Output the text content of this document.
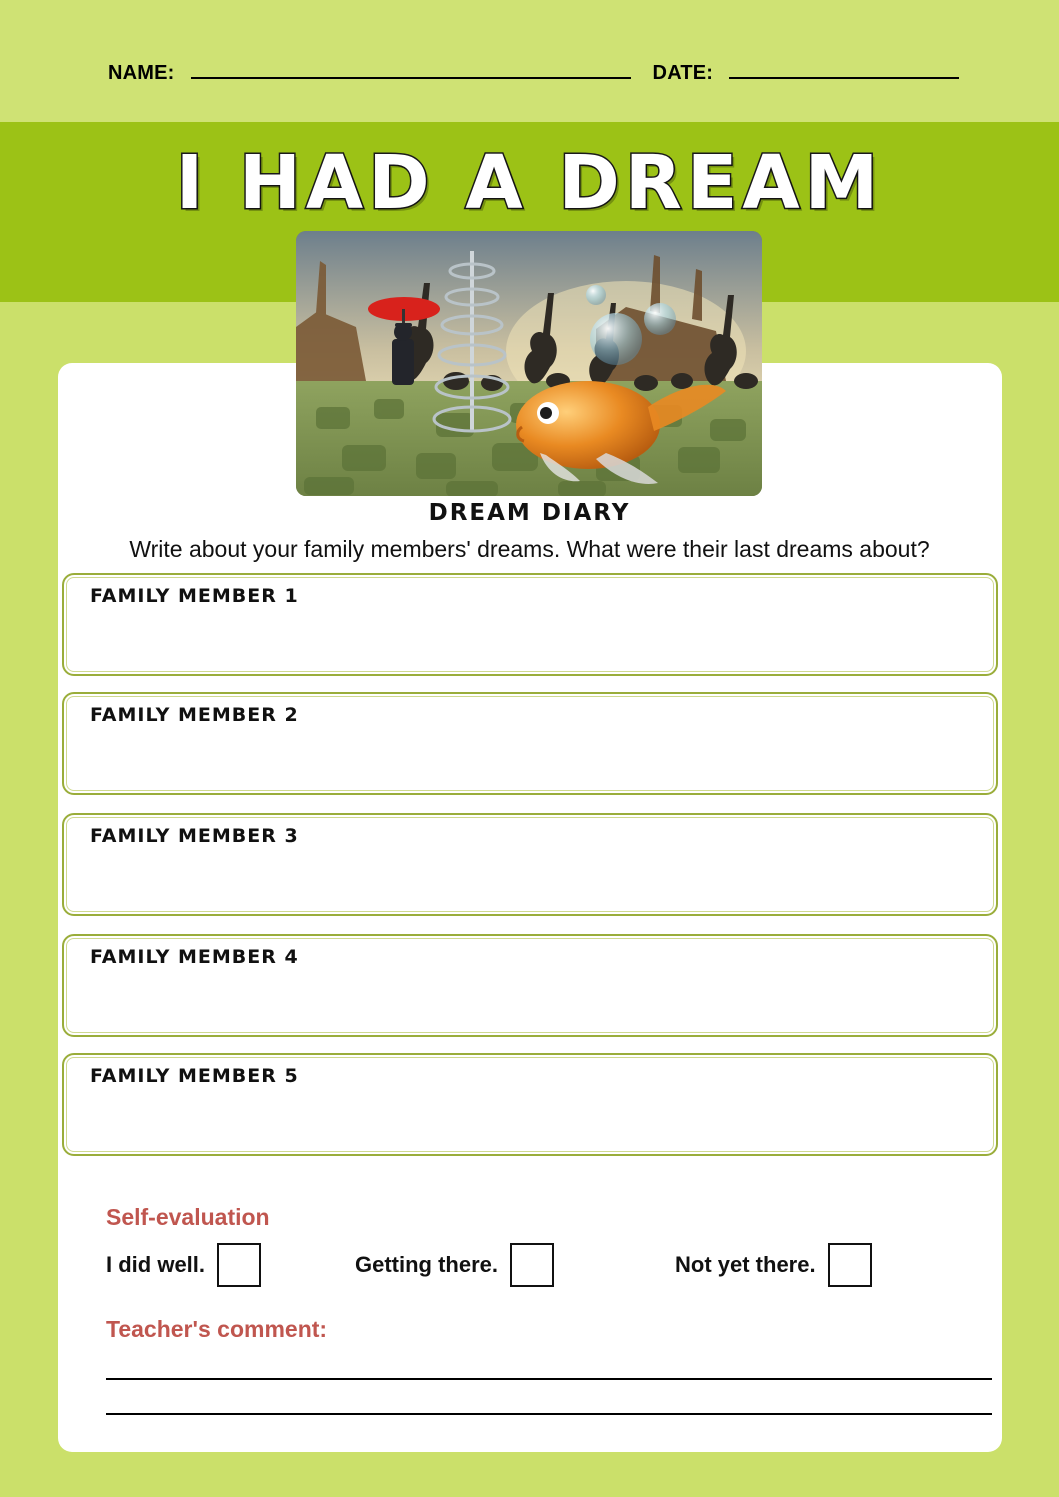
NAME:	DATE:
I HAD A DREAM
DREAM DIARY
Write about your family members' dreams. What were their last dreams about?
FAMILY MEMBER 1
FAMILY MEMBER 2
FAMILY MEMBER 3
FAMILY MEMBER 4
FAMILY MEMBER 5
Self-evaluation
I did well.	Getting there.	Not yet there.
Teacher's comment:
